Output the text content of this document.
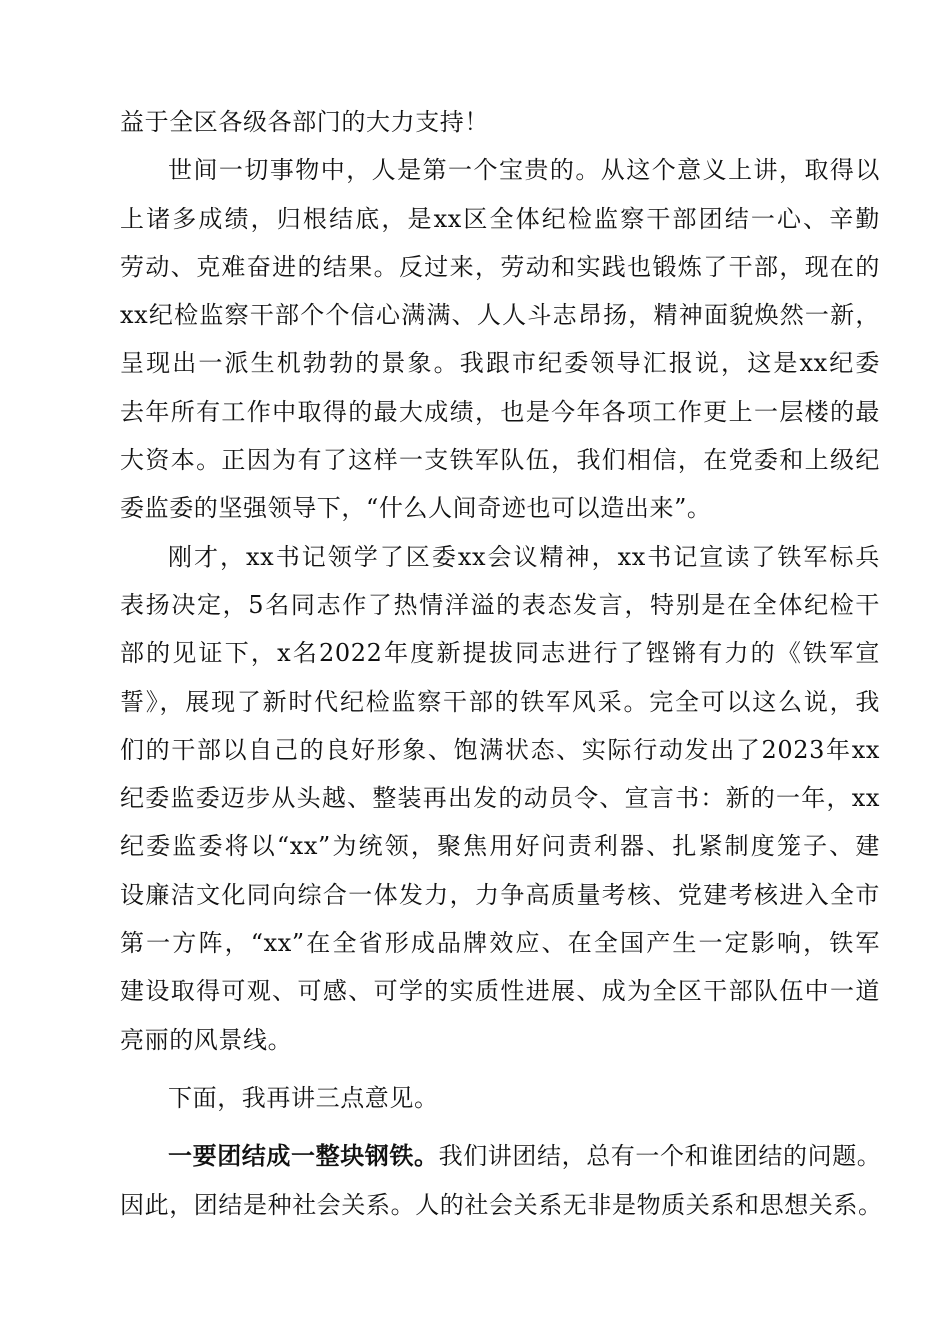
益于全区各级各部门的大力支持！
世间一切事物中，人是第一个宝贵的。从这个意义上讲，取得以
上诸多成绩，归根结底，是xx区全体纪检监察干部团结一心、辛勤
劳动、克难奋进的结果。反过来，劳动和实践也锻炼了干部，现在的
xx纪检监察干部个个信心满满、人人斗志昂扬，精神面貌焕然一新，
呈现出一派生机勃勃的景象。我跟市纪委领导汇报说，这是xx纪委
去年所有工作中取得的最大成绩，也是今年各项工作更上一层楼的最
大资本。正因为有了这样一支铁军队伍，我们相信，在党委和上级纪
委监委的坚强领导下，“什么人间奇迹也可以造出来”。
刚才，xx书记领学了区委xx会议精神，xx书记宣读了铁军标兵
表扬决定，5名同志作了热情洋溢的表态发言，特别是在全体纪检干
部的见证下，x名2022年度新提拔同志进行了铿锵有力的《铁军宣
誓》，展现了新时代纪检监察干部的铁军风采。完全可以这么说，我
们的干部以自己的良好形象、饱满状态、实际行动发出了2023年xx
纪委监委迈步从头越、整装再出发的动员令、宣言书：新的一年，xx
纪委监委将以“xx”为统领，聚焦用好问责利器、扎紧制度笼子、建
设廉洁文化同向综合一体发力，力争高质量考核、党建考核进入全市
第一方阵，“xx”在全省形成品牌效应、在全国产生一定影响，铁军
建设取得可观、可感、可学的实质性进展、成为全区干部队伍中一道
亮丽的风景线。
下面，我再讲三点意见。
一要团结成一整块钢铁。我们讲团结，总有一个和谁团结的问题。
因此，团结是种社会关系。人的社会关系无非是物质关系和思想关系。
